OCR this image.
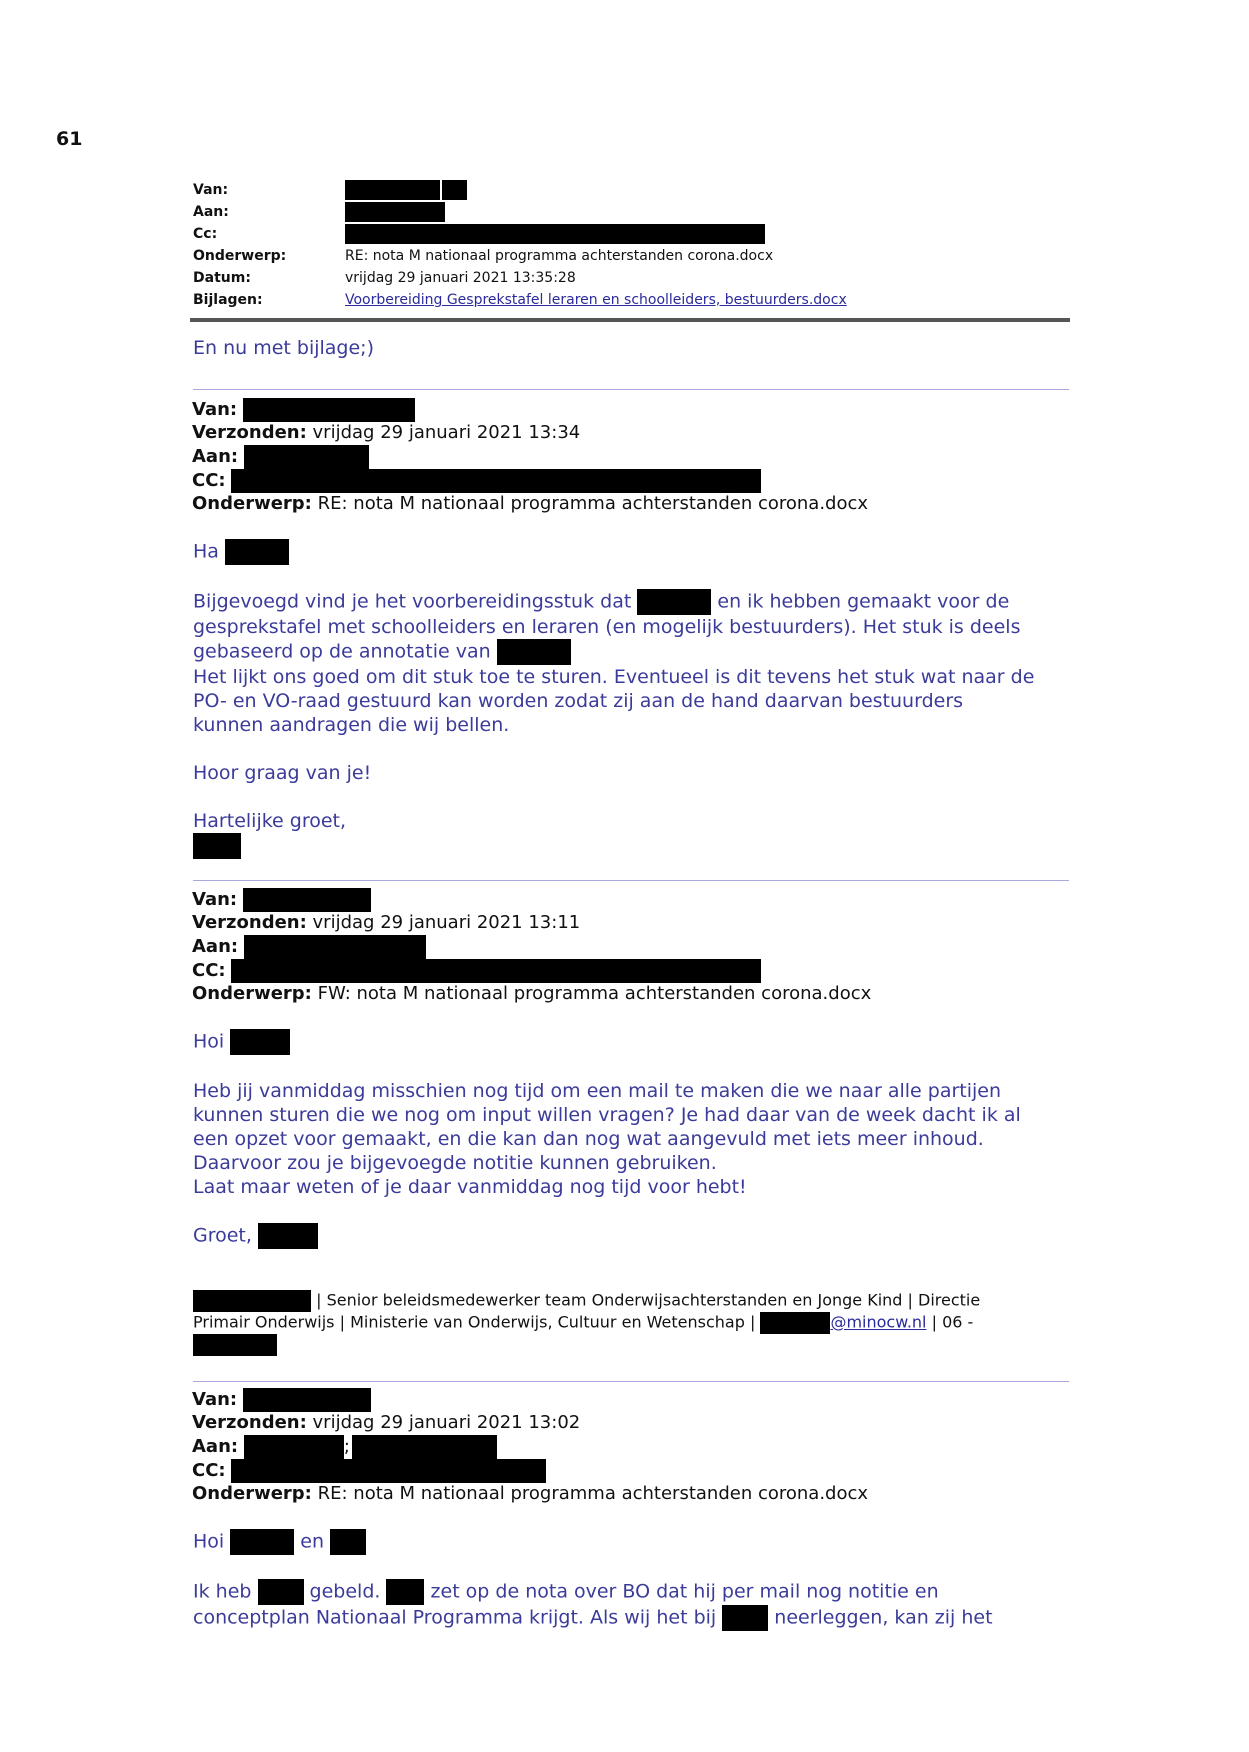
61
Van:
Aan:
Cc:
Onderwerp:	RE: nota M nationaal programma achterstanden corona.docx
Datum:	vrijdag 29 januari 2021 13:35:28
Bijlagen:	Voorbereiding Gesprekstafel leraren en schoolleiders, bestuurders.docx
En nu met bijlage;)
Van:
Verzonden: vrijdag 29 januari 2021 13:34
Aan:
CC:
Onderwerp: RE: nota M nationaal programma achterstanden corona.docx

Ha

Bijgevoegd vind je het voorbereidingsstuk dat	en ik hebben gemaakt voor de

gesprekstafel met schoolleiders en leraren (en mogelijk bestuurders). Het stuk is deels

gebaseerd op de annotatie van

Het lijkt ons goed om dit stuk toe te sturen. Eventueel is dit tevens het stuk wat naar de

PO- en VO-raad gestuurd kan worden zodat zij aan de hand daarvan bestuurders

kunnen aandragen die wij bellen.

Hoor graag van je!

Hartelijke groet,

Van:
Verzonden: vrijdag 29 januari 2021 13:11
Aan:
CC:
Onderwerp: FW: nota M nationaal programma achterstanden corona.docx

Hoi

Heb jij vanmiddag misschien nog tijd om een mail te maken die we naar alle partijen

kunnen sturen die we nog om input willen vragen? Je had daar van de week dacht ik al

een opzet voor gemaakt, en die kan dan nog wat aangevuld met iets meer inhoud.

Daarvoor zou je bijgevoegde notitie kunnen gebruiken.

Laat maar weten of je daar vanmiddag nog tijd voor hebt!

Groet,

| Senior beleidsmedewerker team Onderwijsachterstanden en Jonge Kind | Directie
Primair Onderwijs | Ministerie van Onderwijs, Cultuur en Wetenschap |	@minocw.nl | 06 -
Van:
Verzonden: vrijdag 29 januari 2021 13:02
Aan:	;
CC:
Onderwerp: RE: nota M nationaal programma achterstanden corona.docx

Hoi	en

Ik heb	gebeld.	zet op de nota over BO dat hij per mail nog notitie en

conceptplan Nationaal Programma krijgt. Als wij het bij	neerleggen, kan zij het
